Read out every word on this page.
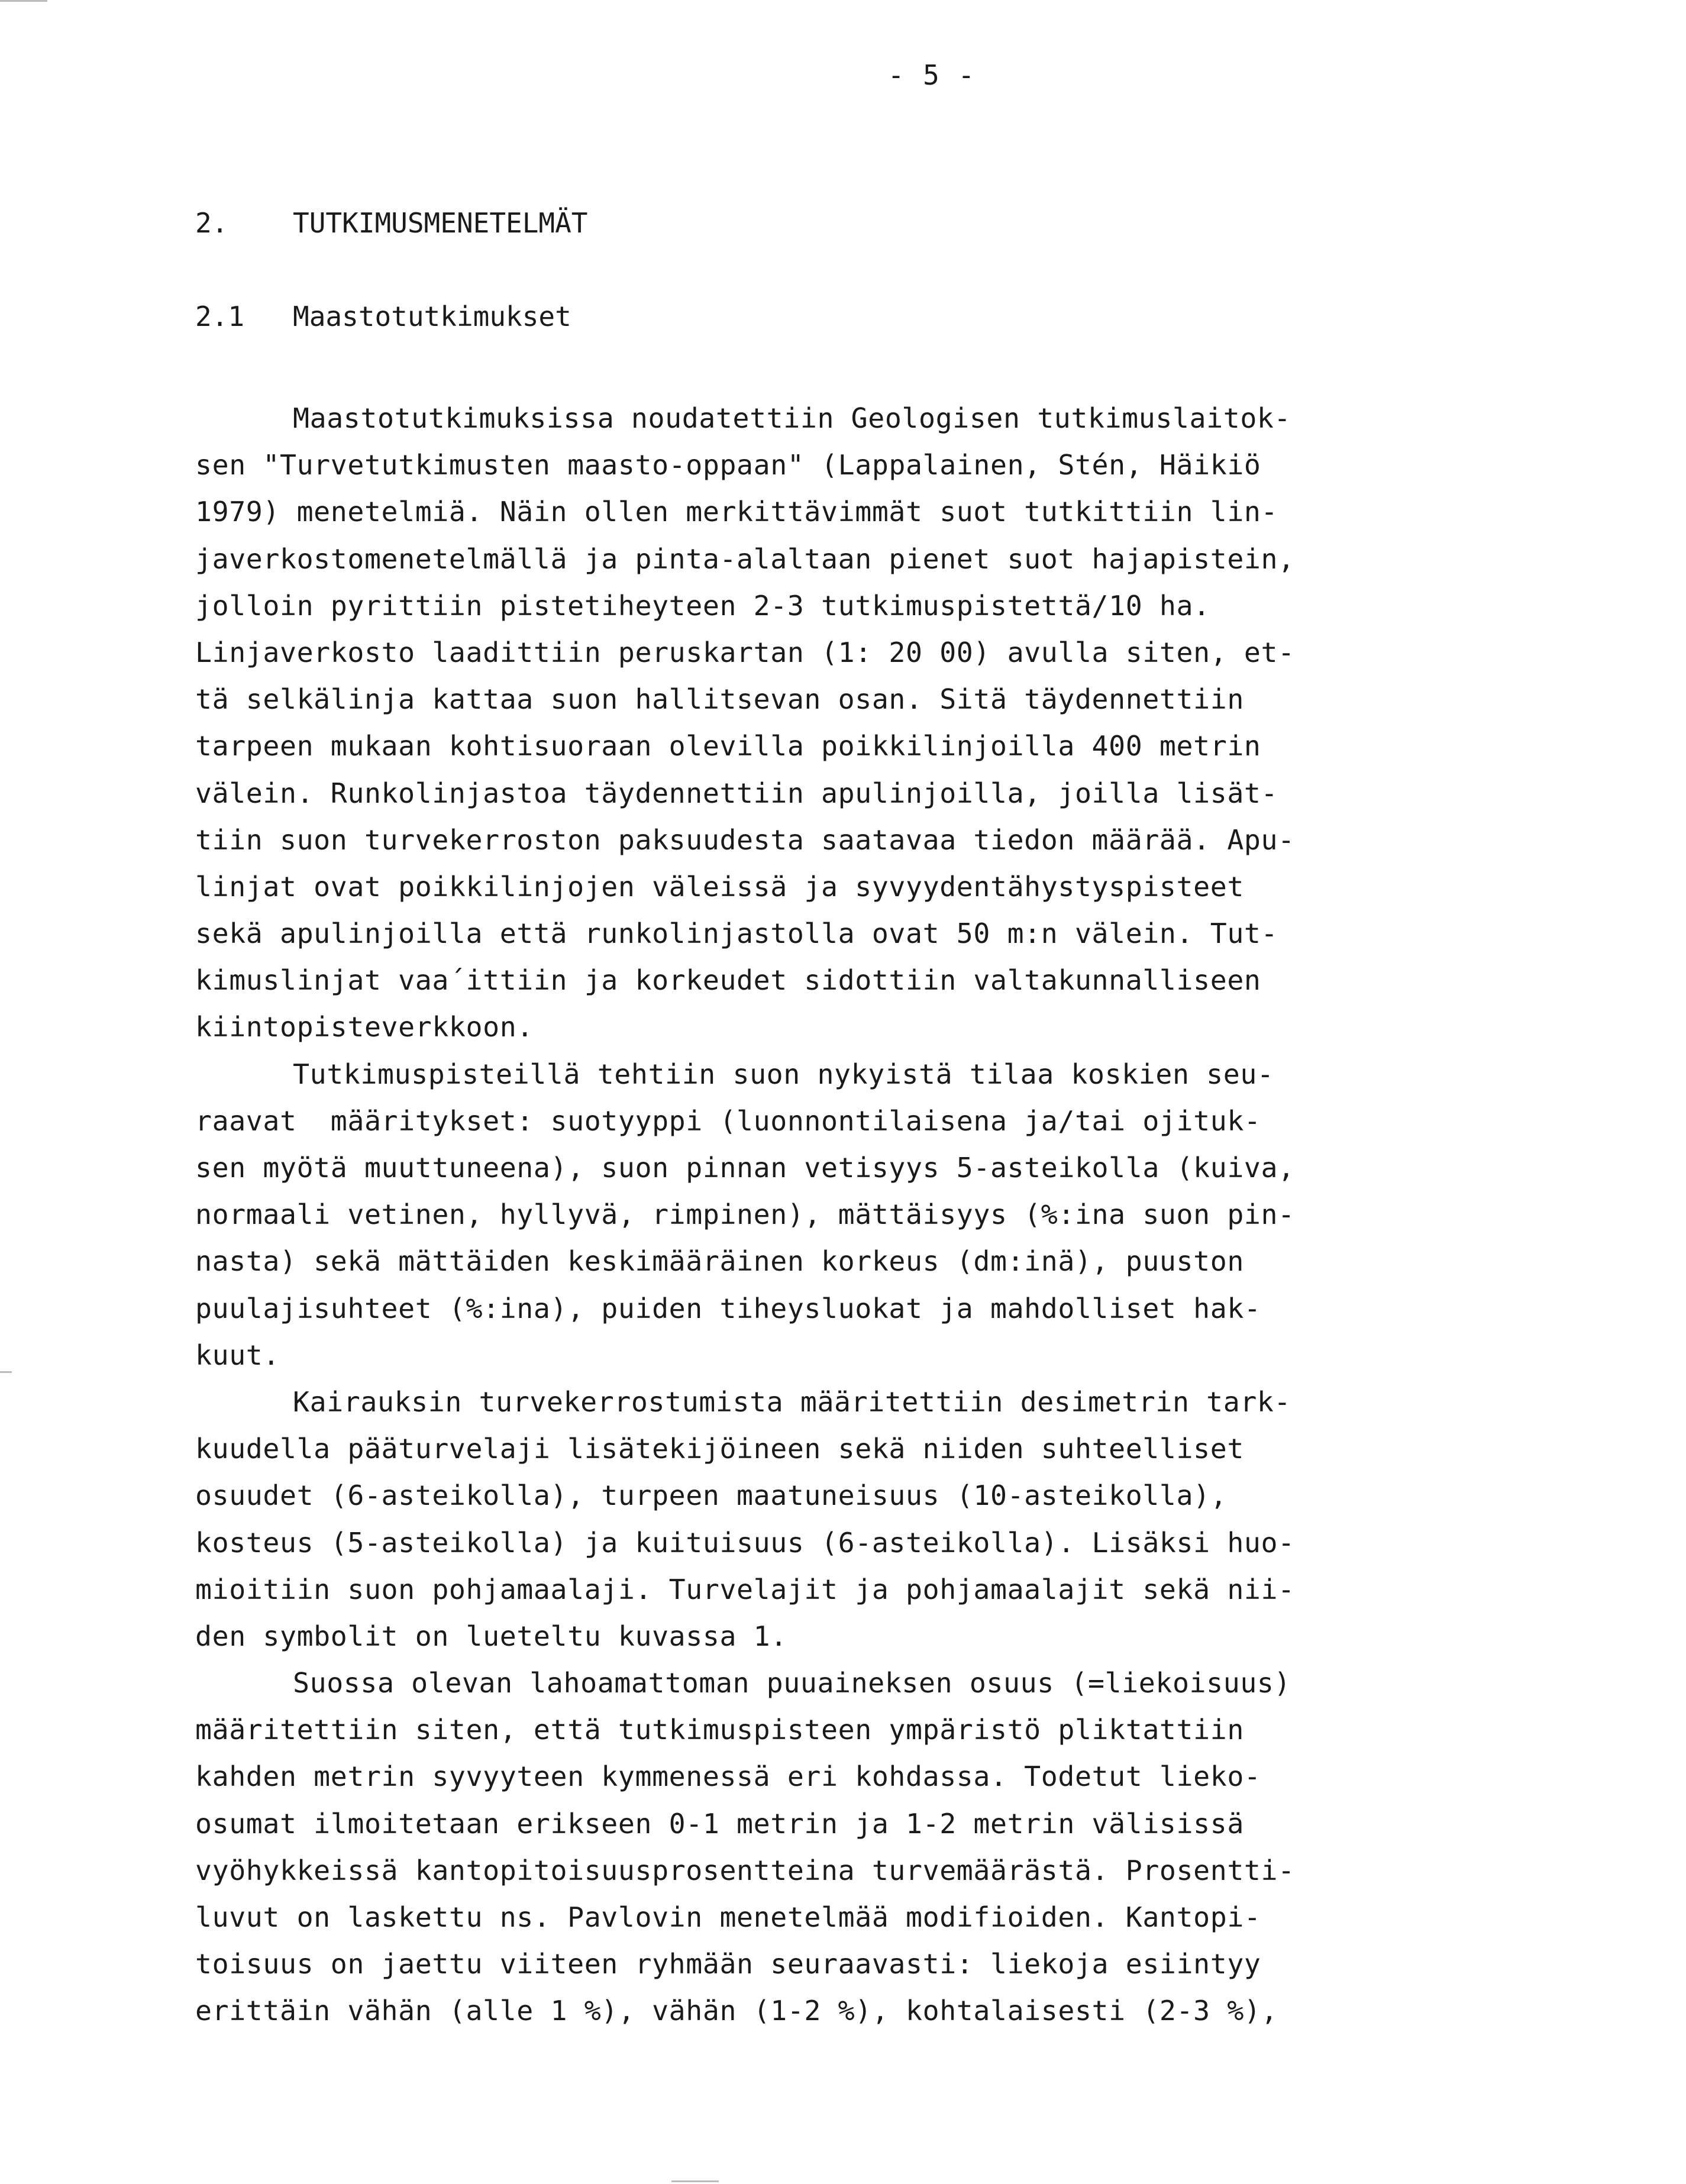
- 5 -
2. TUTKIMUSMENETELMÄT
2.1 Maastotutkimukset
Maastotutkimuksissa noudatettiin Geologisen tutkimuslaitok-
sen "Turvetutkimusten maasto-oppaan" (Lappalainen, Stén, Häikiö
1979) menetelmiä. Näin ollen merkittävimmät suot tutkittiin lin-
javerkostomenetelmällä ja pinta-alaltaan pienet suot hajapistein,
jolloin pyrittiin pistetiheyteen 2-3 tutkimuspistettä/10 ha.
Linjaverkosto laadittiin peruskartan (1: 20 00) avulla siten, et-
tä selkälinja kattaa suon hallitsevan osan. Sitä täydennettiin
tarpeen mukaan kohtisuoraan olevilla poikkilinjoilla 400 metrin
välein. Runkolinjastoa täydennettiin apulinjoilla, joilla lisät-
tiin suon turvekerroston paksuudesta saatavaa tiedon määrää. Apu-
linjat ovat poikkilinjojen väleissä ja syvyydentähystyspisteet
sekä apulinjoilla että runkolinjastolla ovat 50 m:n välein. Tut-
kimuslinjat vaa´ittiin ja korkeudet sidottiin valtakunnalliseen
kiintopisteverkkoon.
Tutkimuspisteillä tehtiin suon nykyistä tilaa koskien seu-
raavat  määritykset: suotyyppi (luonnontilaisena ja/tai ojituk-
sen myötä muuttuneena), suon pinnan vetisyys 5-asteikolla (kuiva,
normaali vetinen, hyllyvä, rimpinen), mättäisyys (%:ina suon pin-
nasta) sekä mättäiden keskimääräinen korkeus (dm:inä), puuston
puulajisuhteet (%:ina), puiden tiheysluokat ja mahdolliset hak-
kuut.
Kairauksin turvekerrostumista määritettiin desimetrin tark-
kuudella pääturvelaji lisätekijöineen sekä niiden suhteelliset
osuudet (6-asteikolla), turpeen maatuneisuus (10-asteikolla),
kosteus (5-asteikolla) ja kuituisuus (6-asteikolla). Lisäksi huo-
mioitiin suon pohjamaalaji. Turvelajit ja pohjamaalajit sekä nii-
den symbolit on lueteltu kuvassa 1.
Suossa olevan lahoamattoman puuaineksen osuus (=liekoisuus)
määritettiin siten, että tutkimuspisteen ympäristö pliktattiin
kahden metrin syvyyteen kymmenessä eri kohdassa. Todetut lieko-
osumat ilmoitetaan erikseen 0-1 metrin ja 1-2 metrin välisissä
vyöhykkeissä kantopitoisuusprosentteina turvemäärästä. Prosentti-
luvut on laskettu ns. Pavlovin menetelmää modifioiden. Kantopi-
toisuus on jaettu viiteen ryhmään seuraavasti: liekoja esiintyy
erittäin vähän (alle 1 %), vähän (1-2 %), kohtalaisesti (2-3 %),
